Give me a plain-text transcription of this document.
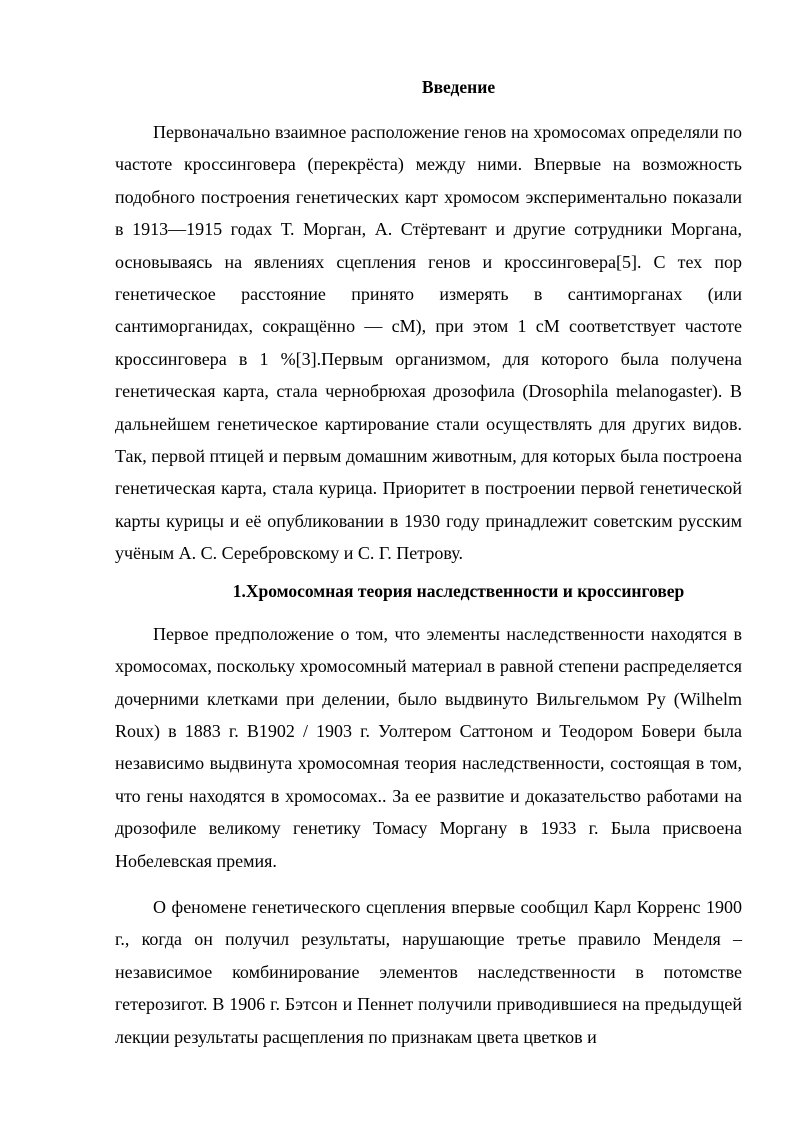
Введение

Первоначально взаимное расположение генов на хромосомах определяли по частоте кроссинговера (перекрёста) между ними. Впервые на возможность подобного построения генетических карт хромосом экспериментально показали в 1913—1915 годах Т. Морган, А. Стёртевант и другие сотрудники Моргана, основываясь на явлениях сцепления генов и кроссинговера[5]. С тех пор генетическое расстояние принято измерять в сантиморганах (или сантиморганидах, сокращённо — сМ), при этом 1 сМ соответствует частоте кроссинговера в 1 %[3].Первым организмом, для которого была получена генетическая карта, стала чернобрюхая дрозофила (Drosophila melanogaster). В дальнейшем генетическое картирование стали осуществлять для других видов. Так, первой птицей и первым домашним животным, для которых была построена генетическая карта, стала курица. Приоритет в построении первой генетической карты курицы и её опубликовании в 1930 году принадлежит советским русским учёным А. С. Серебровскому и С. Г. Петрову.

1.Хромосомная теория наследственности и кроссинговер

Первое предположение о том, что элементы наследственности находятся в хромосомах, поскольку хромосомный материал в равной степени распределяется дочерними клетками при делении, было выдвинуто Вильгельмом Ру (Wilhelm Roux) в 1883 г. В1902 / 1903 г. Уолтером Саттоном и Теодором Бовери была независимо выдвинута хромосомная теория наследственности, состоящая в том, что гены находятся в хромосомах.. За ее развитие и доказательство работами на дрозофиле великому генетику Томасу Моргану в 1933 г. Была присвоена Нобелевская премия.

О феномене генетического сцепления впервые сообщил Карл Корренс 1900 г., когда он получил результаты, нарушающие третье правило Менделя – независимое комбинирование элементов наследственности в потомстве гетерозигот. В 1906 г. Бэтсон и Пеннет получили приводившиеся на предыдущей лекции результаты расщепления по признакам цвета цветков и
